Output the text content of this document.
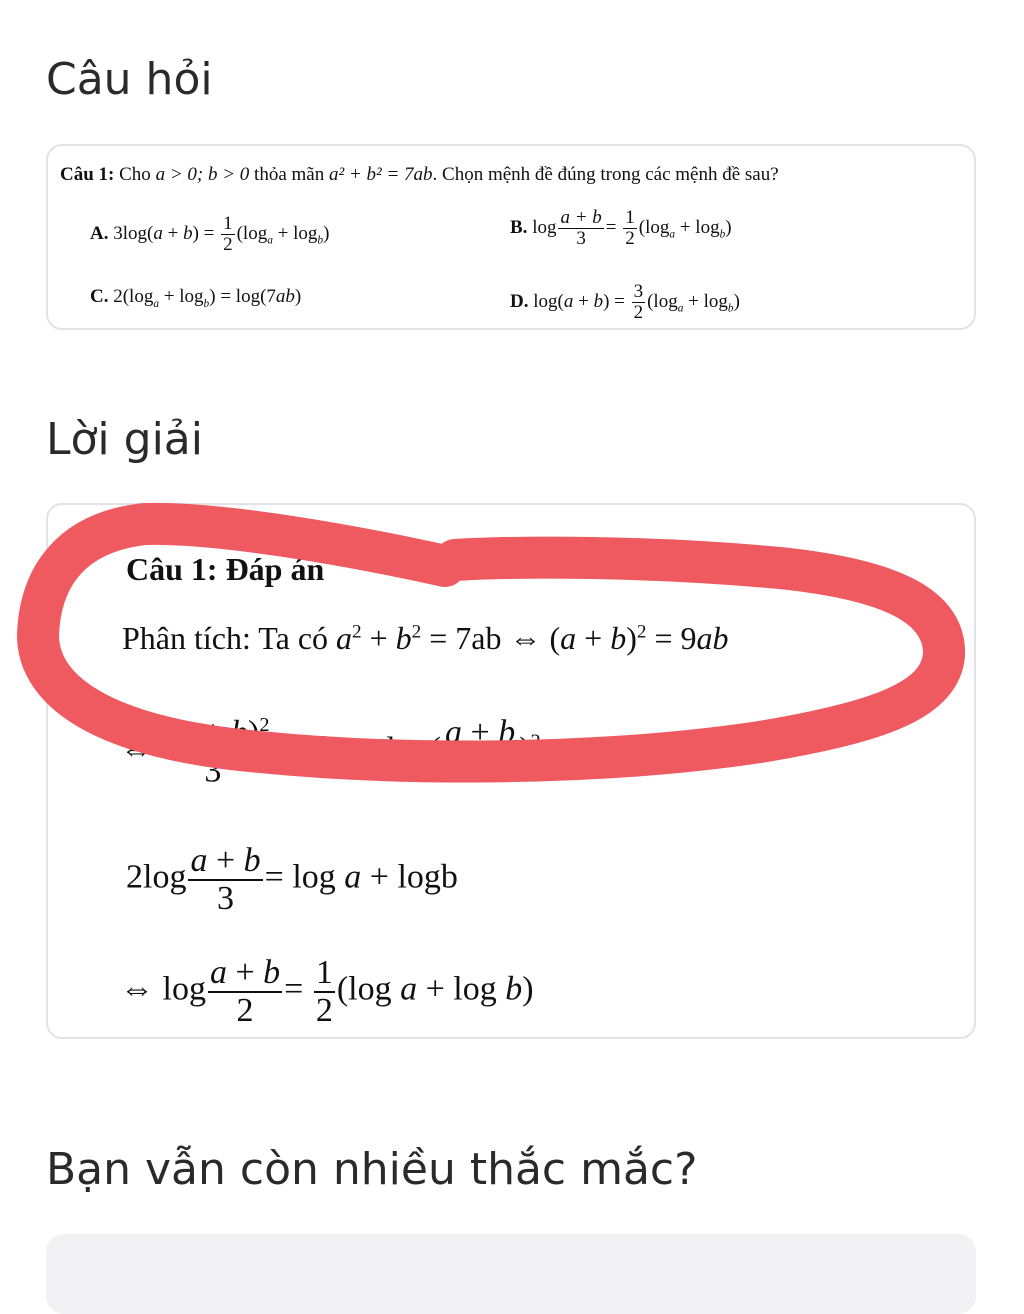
Câu hỏi
Câu 1: Cho a > 0; b > 0 thỏa mãn a² + b² = 7ab. Chọn mệnh đề đúng trong các mệnh đề sau?
A. $3\log(a + b) = \frac{1}{2} (\log_a + \log_b)$	B. $\log \frac{a + b}{3} = \frac{1}{2} (\log_a + \log_b)$
C. $2(\log_a + \log_b) = \log(7ab)$	D. $\log(a + b) = \frac{3}{2} (\log_a + \log_b)$
Lời giải
Câu 1: Đáp án
Phân tích: Ta có $a^2 + b^2 = 7ab$ ⇔ $(a + b)^2 = 9ab$
⇔ $\frac{(a + b)^2}{3^2}$ = ab ⇔ $\log( \frac{a + b}{3} )^2$
$2\log \frac{a + b}{3} = \log a + \log b$
⇔ $\log \frac{a + b}{2} = \frac{1}{2} (\log$ a + log b)
Bạn vẫn còn nhiều thắc mắc?
